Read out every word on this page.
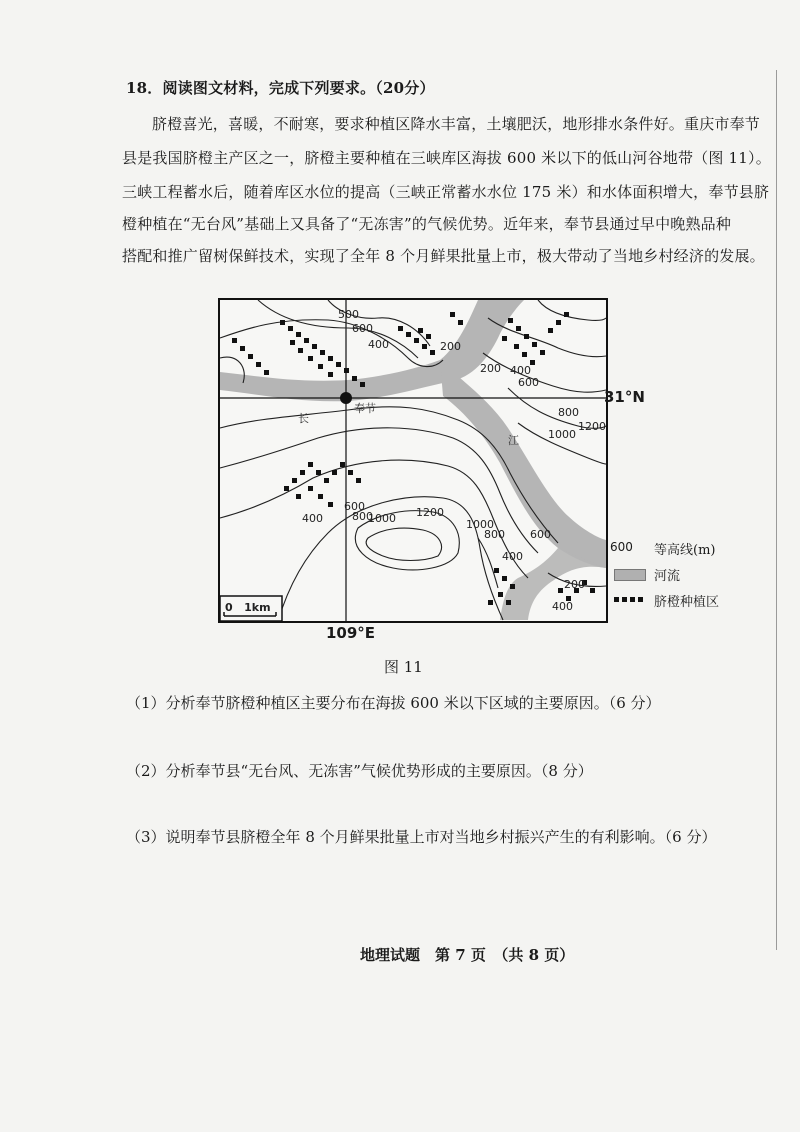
18．阅读图文材料，完成下列要求。（20分）
脐橙喜光，喜暖，不耐寒，要求种植区降水丰富，土壤肥沃，地形排水条件好。重庆市奉节
县是我国脐橙主产区之一，脐橙主要种植在三峡库区海拔 600 米以下的低山河谷地带（图 11）。
三峡工程蓄水后，随着库区水位的提高（三峡正常蓄水水位 175 米）和水体面积增大，奉节县脐
橙种植在“无台风”基础上又具备了“无冻害”的气候优势。近年来，奉节县通过早中晚熟品种
搭配和推广留树保鲜技术，实现了全年 8 个月鲜果批量上市，极大带动了当地乡村经济的发展。
0   1km
奉节
长
江
500
600
400	200
200 400
600
800
1000
1200
600
800
1000 1200
400	1000
800 600
400
200
400
31°N
109°E
600	等高线(m)
河流
脐橙种植区
图 11
（1）分析奉节脐橙种植区主要分布在海拔 600 米以下区域的主要原因。（6 分）
（2）分析奉节县“无台风、无冻害”气候优势形成的主要原因。（8 分）
（3）说明奉节县脐橙全年 8 个月鲜果批量上市对当地乡村振兴产生的有利影响。（6 分）
地理试题　第 7 页　（共 8 页）
